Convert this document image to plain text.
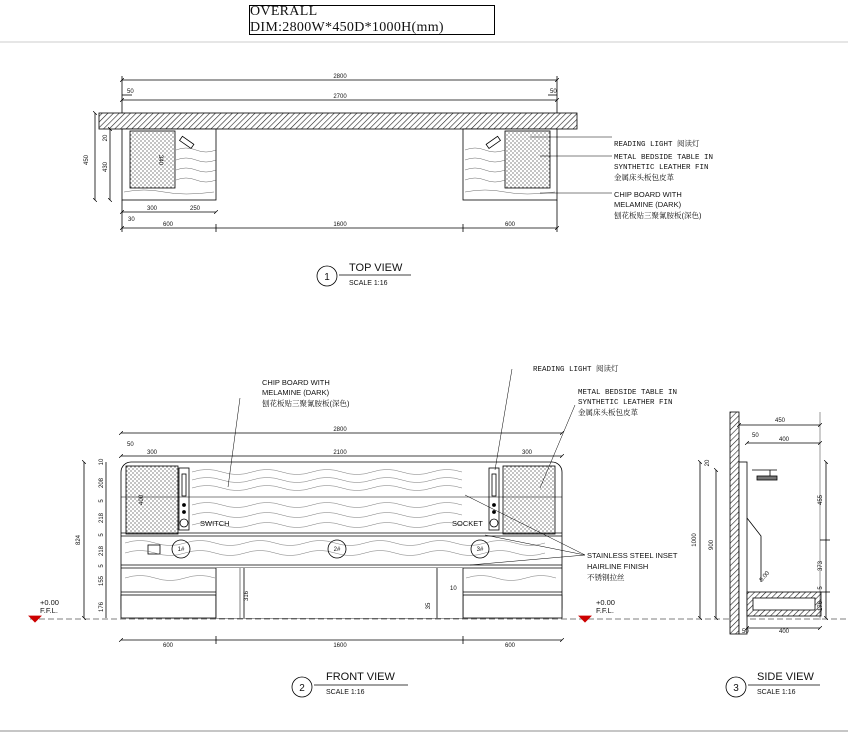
OVERALL DIM:2800W*450D*1000H(mm)
2800
2700
50	50
450
430
20
340
300	250
30
600	1600	600
READING LIGHT 阅读灯
METAL BEDSIDE TABLE IN
SYNTHETIC LEATHER FIN
金属床头板包皮革
CHIP BOARD WITH
MELAMINE (DARK)
刨花板贴三聚氰胺板(深色)
1
TOP VIEW
SCALE 1:16
2800
2100
50
300	300
824
10
208
5
218
5
218
5
155
176
400
316
35
10
600	1600	600
CHIP BOARD WITH
MELAMINE (DARK)
刨花板贴三聚氰胺板(深色)
READING LIGHT 阅读灯
METAL BEDSIDE TABLE IN
SYNTHETIC LEATHER FIN
金属床头板包皮革
SWITCH	SOCKET
STAINLESS STEEL INSET
HAIRLINE FINISH
不锈钢拉丝
+0.00
F.F.L.
+0.00
F.F.L.
1#	2#	3#
2
FRONT VIEW
SCALE 1:16
450
400
50
1000 900
20
455
373
176
5
400
50
5.00
3
SIDE VIEW
SCALE 1:16
